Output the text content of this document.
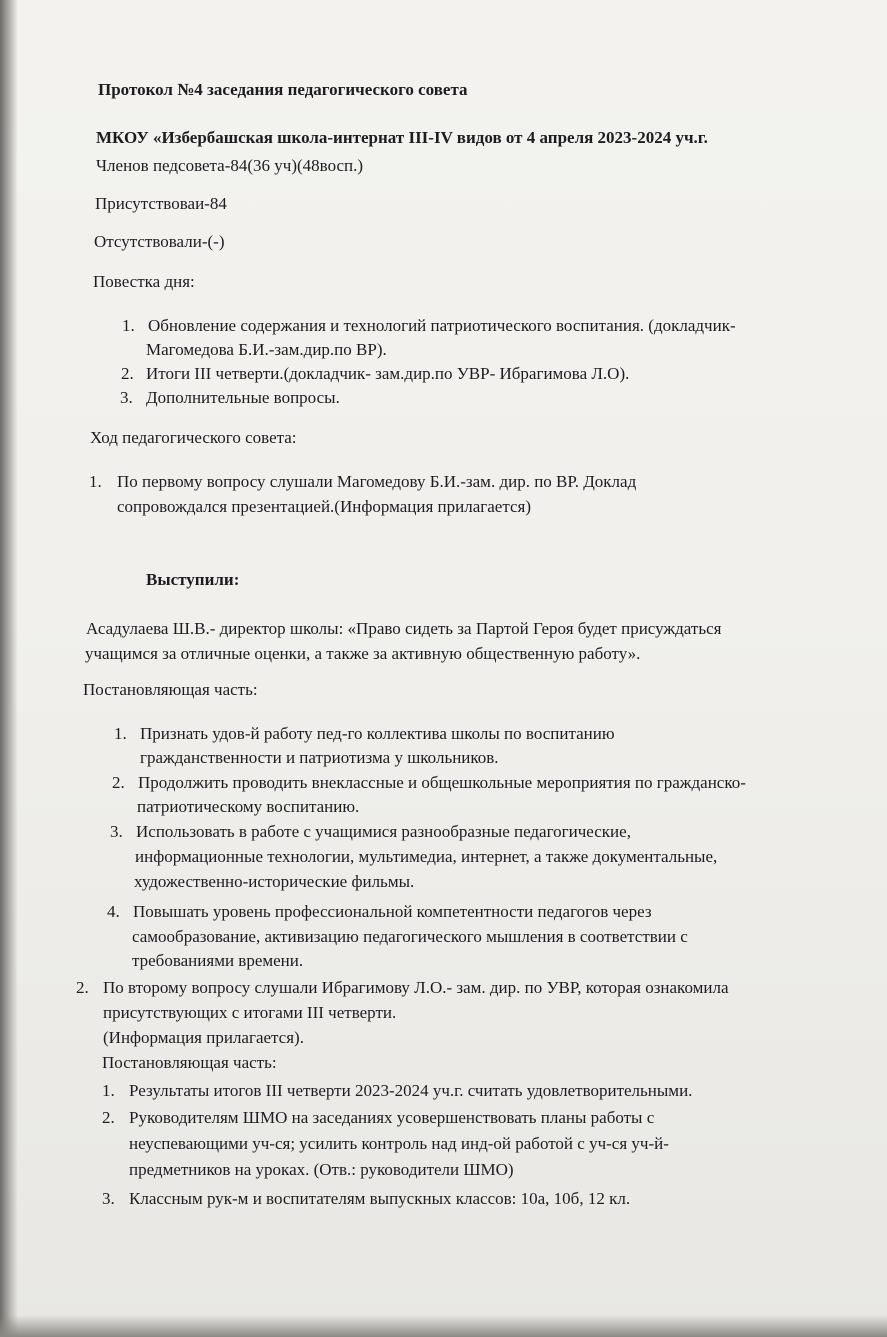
Протокол №4 заседания педагогического совета
МКОУ «Избербашская школа-интернат III-IV видов от 4 апреля 2023-2024 уч.г.
Членов педсовета-84(36 уч)(48восп.)
Присутствоваи-84
Отсутствовали-(-)
Повестка дня:
1. Обновление содержания и технологий патриотического воспитания. (докладчик-
Магомедова Б.И.-зам.дир.по ВР).
2. Итоги III четверти.(докладчик- зам.дир.по УВР- Ибрагимова Л.О).
3. Дополнительные вопросы.
Ход педагогического совета:
1. По первому вопросу слушали Магомедову Б.И.-зам. дир. по ВР. Доклад
сопровождался презентацией.(Информация прилагается)
Выступили:
Асадулаева Ш.В.- директор школы: «Право сидеть за Партой Героя будет присуждаться
учащимся за отличные оценки, а также за активную общественную работу».
Постановляющая часть:
1. Признать удов-й работу пед-го коллектива школы по воспитанию
гражданственности и патриотизма у школьников.
2. Продолжить проводить внеклассные и общешкольные мероприятия по гражданско-
патриотическому воспитанию.
3. Использовать в работе с учащимися разнообразные педагогические,
информационные технологии, мультимедиа, интернет, а также документальные,
художественно-исторические фильмы.
4. Повышать уровень профессиональной компетентности педагогов через
самообразование, активизацию педагогического мышления в соответствии с
требованиями времени.
2. По второму вопросу слушали Ибрагимову Л.О.- зам. дир. по УВР, которая ознакомила
присутствующих с итогами III четверти.
(Информация прилагается).
Постановляющая часть:
1. Результаты итогов III четверти 2023-2024 уч.г. считать удовлетворительными.
2. Руководителям ШМО на заседаниях усовершенствовать планы работы с
неуспевающими уч-ся; усилить контроль над инд-ой работой с уч-ся уч-й-
предметников на уроках. (Отв.: руководители ШМО)
3. Классным рук-м и воспитателям выпускных классов: 10а, 10б, 12 кл.
